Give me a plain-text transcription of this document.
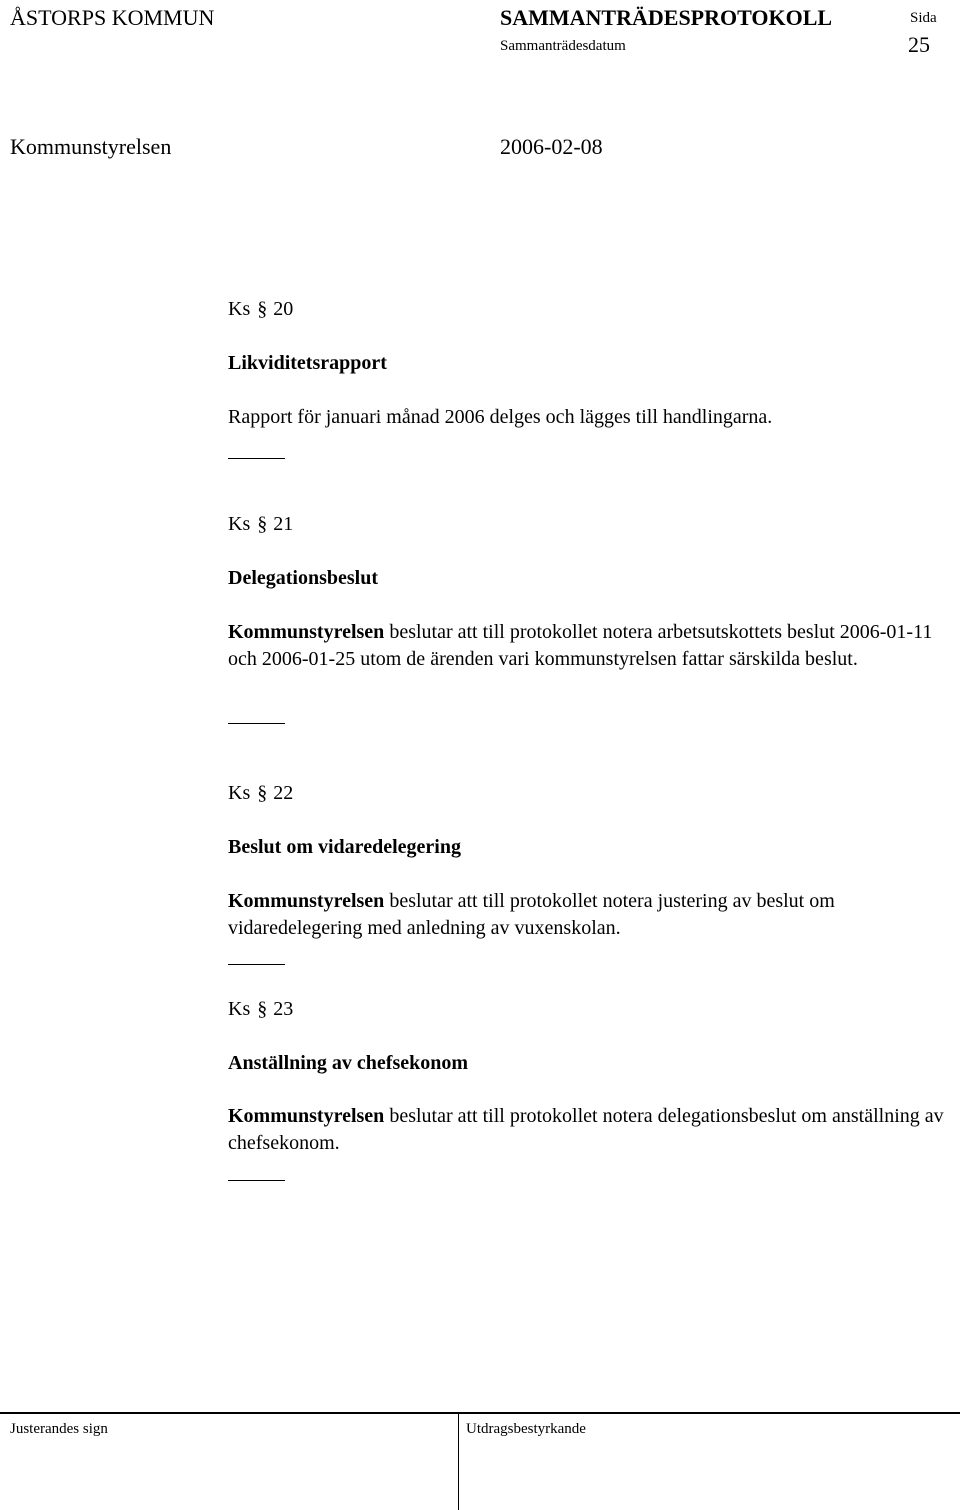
ÅSTORPS KOMMUN	SAMMANTRÄDESPROTOKOLL	Sida
Sammanträdesdatum	25
Kommunstyrelsen	2006-02-08
Ks § 20
Likviditetsrapport
Rapport för januari månad 2006 delges och lägges till handlingarna.
Ks § 21
Delegationsbeslut
Kommunstyrelsen beslutar att till protokollet notera arbetsutskottets beslut 2006-01-11 och 2006-01-25 utom de ärenden vari kommunstyrelsen fattar särskilda beslut.
Ks § 22
Beslut om vidaredelegering
Kommunstyrelsen beslutar att till protokollet notera justering av beslut om vidaredelegering med anledning av vuxenskolan.
Ks § 23
Anställning av chefsekonom
Kommunstyrelsen beslutar att till protokollet notera delegationsbeslut om anställning av chefsekonom.
Justerandes sign	Utdragsbestyrkande
